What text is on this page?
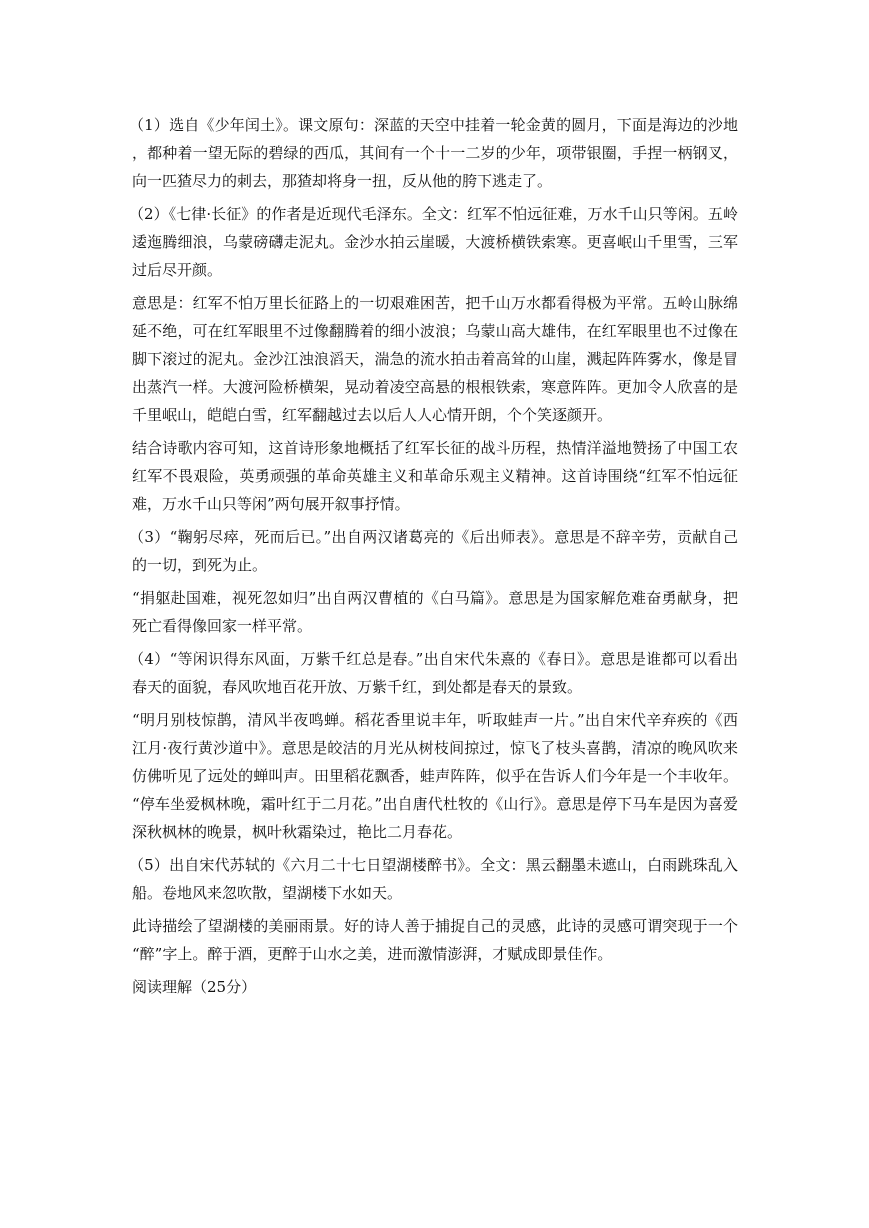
（1）选自《少年闰土》。课文原句：深蓝的天空中挂着一轮金黄的圆月，下面是海边的沙地，都种着一望无际的碧绿的西瓜，其间有一个十一二岁的少年，项带银圈，手捏一柄钢叉，向一匹猹尽力的刺去，那猹却将身一扭，反从他的胯下逃走了。

（2）《七律·长征》的作者是近现代毛泽东。全文：红军不怕远征难，万水千山只等闲。五岭逶迤腾细浪，乌蒙磅礴走泥丸。金沙水拍云崖暖，大渡桥横铁索寒。更喜岷山千里雪，三军过后尽开颜。

意思是：红军不怕万里长征路上的一切艰难困苦，把千山万水都看得极为平常。五岭山脉绵延不绝，可在红军眼里不过像翻腾着的细小波浪；乌蒙山高大雄伟，在红军眼里也不过像在脚下滚过的泥丸。金沙江浊浪滔天，湍急的流水拍击着高耸的山崖，溅起阵阵雾水，像是冒出蒸汽一样。大渡河险桥横架，晃动着凌空高悬的根根铁索，寒意阵阵。更加令人欣喜的是千里岷山，皑皑白雪，红军翻越过去以后人人心情开朗，个个笑逐颜开。

结合诗歌内容可知，这首诗形象地概括了红军长征的战斗历程，热情洋溢地赞扬了中国工农红军不畏艰险，英勇顽强的革命英雄主义和革命乐观主义精神。这首诗围绕“红军不怕远征难，万水千山只等闲”两句展开叙事抒情。

（3）“鞠躬尽瘁，死而后已。”出自两汉诸葛亮的《后出师表》。意思是不辞辛劳，贡献自己的一切，到死为止。

“捐躯赴国难，视死忽如归”出自两汉曹植的《白马篇》。意思是为国家解危难奋勇献身，把死亡看得像回家一样平常。

（4）“等闲识得东风面，万紫千红总是春。”出自宋代朱熹的《春日》。意思是谁都可以看出春天的面貌，春风吹地百花开放、万紫千红，到处都是春天的景致。

“明月别枝惊鹊，清风半夜鸣蝉。稻花香里说丰年，听取蛙声一片。”出自宋代辛弃疾的《西江月·夜行黄沙道中》。意思是皎洁的月光从树枝间掠过，惊飞了枝头喜鹊，清凉的晚风吹来仿佛听见了远处的蝉叫声。田里稻花飘香，蛙声阵阵，似乎在告诉人们今年是一个丰收年。“停车坐爱枫林晚，霜叶红于二月花。”出自唐代杜牧的《山行》。意思是停下马车是因为喜爱深秋枫林的晚景，枫叶秋霜染过，艳比二月春花。

（5）出自宋代苏轼的《六月二十七日望湖楼醉书》。全文：黑云翻墨未遮山，白雨跳珠乱入船。卷地风来忽吹散，望湖楼下水如天。

此诗描绘了望湖楼的美丽雨景。好的诗人善于捕捉自己的灵感，此诗的灵感可谓突现于一个“醉”字上。醉于酒，更醉于山水之美，进而激情澎湃，才赋成即景佳作。

阅读理解（25分）
